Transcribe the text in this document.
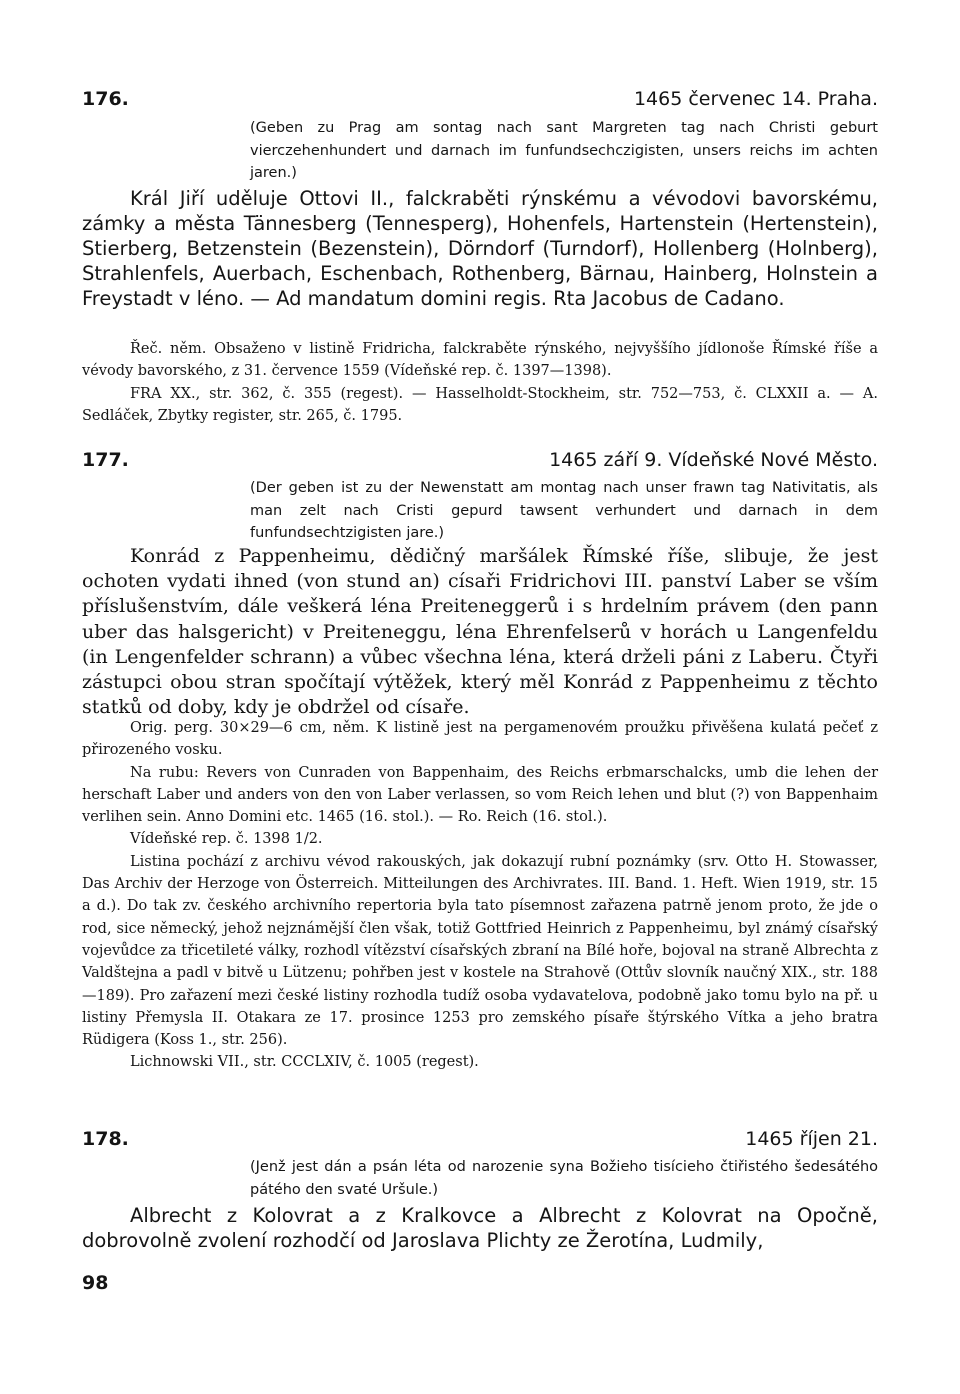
176.	1465 červenec 14. Praha.
(Geben zu Prag am sontag nach sant Margreten tag nach Christi geburt vierczehenhundert und darnach im funfundsechczigisten, unsers reichs im achten jaren.)
Král Jiří uděluje Ottovi II., falckraběti rýnskému a vévodovi bavorskému, zámky a města Tännesberg (Tennesperg), Hohenfels, Hartenstein (Hertenstein), Stierberg, Betzenstein (Bezenstein), Dörndorf (Turndorf), Hollenberg (Holnberg), Strahlenfels, Auerbach, Eschenbach, Rothenberg, Bärnau, Hainberg, Holnstein a Freystadt v léno. — Ad mandatum domini regis. Rta Jacobus de Cadano.
Řeč. něm. Obsaženo v listině Fridricha, falckraběte rýnského, nejvyššího jídlonoše Římské říše a vévody bavorského, z 31. července 1559 (Vídeňské rep. č. 1397—1398).
FRA XX., str. 362, č. 355 (regest). — Hasselholdt-Stockheim, str. 752—753, č. CLXXII a. — A. Sedláček, Zbytky register, str. 265, č. 1795.
177.	1465 září 9. Vídeňské Nové Město.
(Der geben ist zu der Newenstatt am montag nach unser frawn tag Nativitatis, als man zelt nach Cristi gepurd tawsent verhundert und darnach in dem funfundsechtzigisten jare.)
Konrád z Pappenheimu, dědičný maršálek Římské říše, slibuje, že jest ochoten vydati ihned (von stund an) císaři Fridrichovi III. panství Laber se vším příslušenstvím, dále veškerá léna Preiteneggerů i s hrdelním právem (den pann uber das halsgericht) v Preiteneggu, léna Ehrenfelserů v horách u Langenfeldu (in Lengenfelder schrann) a vůbec všechna léna, která drželi páni z Laberu. Čtyři zástupci obou stran spočítají výtěžek, který měl Konrád z Pappenheimu z těchto statků od doby, kdy je obdržel od císaře.
Orig. perg. 30×29—6 cm, něm. K listině jest na pergamenovém proužku přivěšena kulatá pečeť z přirozeného vosku.
Na rubu: Revers von Cunraden von Bappenhaim, des Reichs erbmarschalcks, umb die lehen der herschaft Laber und anders von den von Laber verlassen, so vom Reich lehen und blut (?) von Bappenhaim verlihen sein. Anno Domini etc. 1465 (16. stol.). — Ro. Reich (16. stol.).
Vídeňské rep. č. 1398 1/2.
Listina pochází z archivu vévod rakouských, jak dokazují rubní poznámky (srv. Otto H. Stowasser, Das Archiv der Herzoge von Österreich. Mitteilungen des Archivrates. III. Band. 1. Heft. Wien 1919, str. 15 a d.). Do tak zv. českého archivního repertoria byla tato písemnost zařazena patrně jenom proto, že jde o rod, sice německý, jehož nejznámější člen však, totiž Gottfried Heinrich z Pappenheimu, byl známý císařský vojevůdce za třicetileté války, rozhodl vítězství císařských zbraní na Bílé hoře, bojoval na straně Albrechta z Valdštejna a padl v bitvě u Lützenu; pohřben jest v kostele na Strahově (Ottův slovník naučný XIX., str. 188—189). Pro zařazení mezi české listiny rozhodla tudíž osoba vydavatelova, podobně jako tomu bylo na př. u listiny Přemysla II. Otakara ze 17. prosince 1253 pro zemského písaře štýrského Vítka a jeho bratra Rüdigera (Koss 1., str. 256).
Lichnowski VII., str. CCCLXIV, č. 1005 (regest).
178.	1465 říjen 21.
(Jenž jest dán a psán léta od narozenie syna Božieho tisícieho čtiřistého šedesátého pátého den svaté Uršule.)
Albrecht z Kolovrat a z Kralkovce a Albrecht z Kolovrat na Opočně, dobrovolně zvolení rozhodčí od Jaroslava Plichty ze Žerotína, Ludmily,
98
